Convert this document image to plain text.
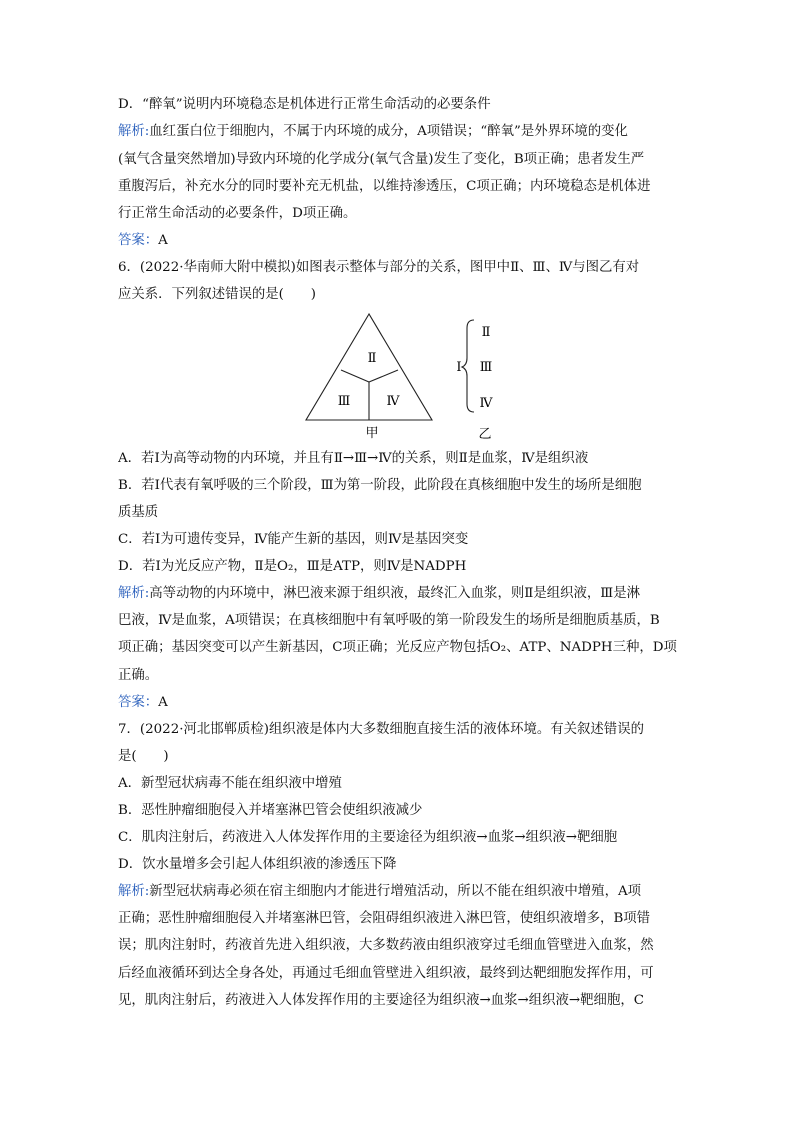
D．“醉氧”说明内环境稳态是机体进行正常生命活动的必要条件
解析:血红蛋白位于细胞内，不属于内环境的成分，A项错误；“醉氧”是外界环境的变化
(氧气含量突然增加)导致内环境的化学成分(氧气含量)发生了变化，B项正确；患者发生严
重腹泻后，补充水分的同时要补充无机盐，以维持渗透压，C项正确；内环境稳态是机体进
行正常生命活动的必要条件，D项正确。
答案：A
6．(2022·华南师大附中模拟)如图表示整体与部分的关系，图甲中Ⅱ、Ⅲ、Ⅳ与图乙有对
应关系．下列叙述错误的是(　　)
Ⅱ
Ⅲ	Ⅳ
甲
Ⅰ
Ⅱ
Ⅲ
Ⅳ
乙
A．若Ⅰ为高等动物的内环境，并且有Ⅱ→Ⅲ→Ⅳ的关系，则Ⅱ是血浆，Ⅳ是组织液
B．若Ⅰ代表有氧呼吸的三个阶段，Ⅲ为第一阶段，此阶段在真核细胞中发生的场所是细胞
质基质
C．若Ⅰ为可遗传变异，Ⅳ能产生新的基因，则Ⅳ是基因突变
D．若Ⅰ为光反应产物，Ⅱ是O₂，Ⅲ是ATP，则Ⅳ是NADPH
解析:高等动物的内环境中，淋巴液来源于组织液，最终汇入血浆，则Ⅱ是组织液，Ⅲ是淋
巴液，Ⅳ是血浆，A项错误；在真核细胞中有氧呼吸的第一阶段发生的场所是细胞质基质，B
项正确；基因突变可以产生新基因，C项正确；光反应产物包括O₂、ATP、NADPH三种，D项
正确。
答案：A
7．(2022·河北邯郸质检)组织液是体内大多数细胞直接生活的液体环境。有关叙述错误的
是(　　)
A．新型冠状病毒不能在组织液中增殖
B．恶性肿瘤细胞侵入并堵塞淋巴管会使组织液减少
C．肌肉注射后，药液进入人体发挥作用的主要途径为组织液→血浆→组织液→靶细胞
D．饮水量增多会引起人体组织液的渗透压下降
解析:新型冠状病毒必须在宿主细胞内才能进行增殖活动，所以不能在组织液中增殖，A项
正确；恶性肿瘤细胞侵入并堵塞淋巴管，会阻碍组织液进入淋巴管，使组织液增多，B项错
误；肌肉注射时，药液首先进入组织液，大多数药液由组织液穿过毛细血管壁进入血浆，然
后经血液循环到达全身各处，再通过毛细血管壁进入组织液，最终到达靶细胞发挥作用，可
见，肌肉注射后，药液进入人体发挥作用的主要途径为组织液→血浆→组织液→靶细胞，C
